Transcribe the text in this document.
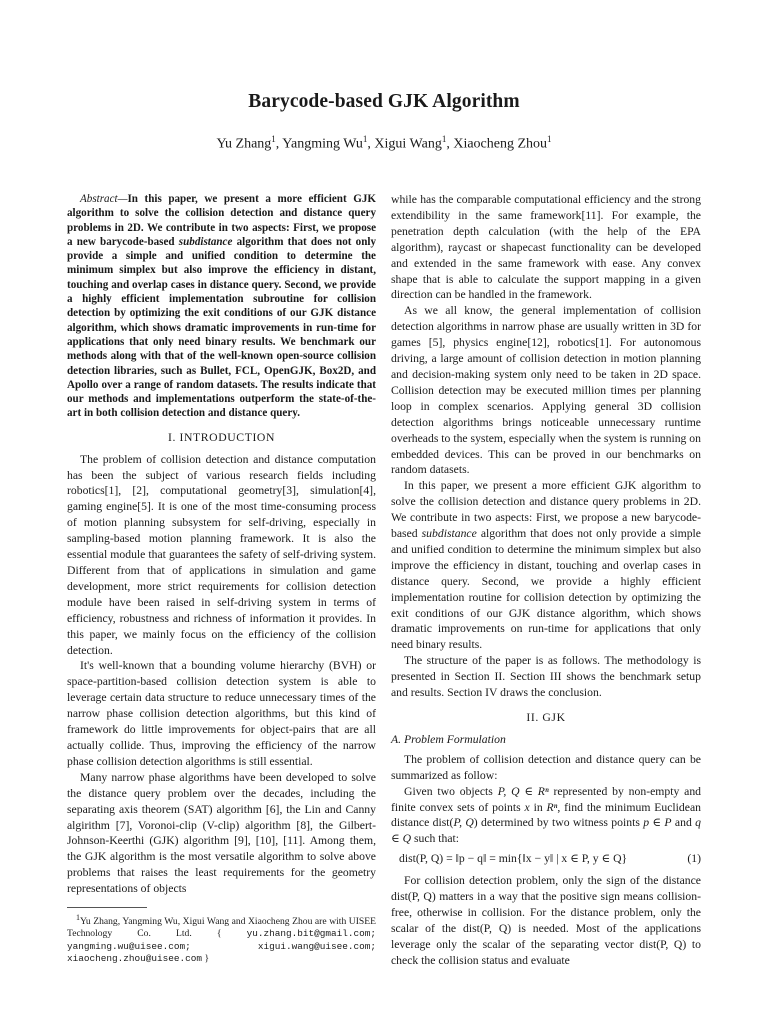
Barycode-based GJK Algorithm
Yu Zhang$^1$, Yangming Wu$^1$, Xigui Wang$^1$, Xiaocheng Zhou$^1$

Abstract—In this paper, we present a more efficient GJK algorithm to solve the collision detection and distance query problems in 2D. We contribute in two aspects: First, we propose a new barycode-based subdistance algorithm that does not only provide a simple and unified condition to determine the minimum simplex but also improve the efficiency in distant, touching and overlap cases in distance query. Second, we provide a highly efficient implementation subroutine for collision detection by optimizing the exit conditions of our GJK distance algorithm, which shows dramatic improvements in run-time for applications that only need binary results. We benchmark our methods along with that of the well-known open-source collision detection libraries, such as Bullet, FCL, OpenGJK, Box2D, and Apollo over a range of random datasets. The results indicate that our methods and implementations outperform the state-of-the-art in both collision detection and distance query.

I. INTRODUCTION

The problem of collision detection and distance computation has been the subject of various research fields including robotics[1], [2], computational geometry[3], simulation[4], gaming engine[5]. It is one of the most time-consuming process of motion planning subsystem for self-driving, especially in sampling-based motion planning framework. It is also the essential module that guarantees the safety of self-driving system. Different from that of applications in simulation and game development, more strict requirements for collision detection module have been raised in self-driving system in terms of efficiency, robustness and richness of information it provides. In this paper, we mainly focus on the efficiency of the collision detection.

It's well-known that a bounding volume hierarchy (BVH) or space-partition-based collision detection system is able to leverage certain data structure to reduce unnecessary times of the narrow phase collision detection algorithms, but this kind of framework do little improvements for object-pairs that are all actually collide. Thus, improving the efficiency of the narrow phase collision detection algorithms is still essential.

Many narrow phase algorithms have been developed to solve the distance query problem over the decades, including the separating axis theorem (SAT) algorithm [6], the Lin and Canny algirithm [7], Voronoi-clip (V-clip) algorithm [8], the Gilbert-Johnson-Keerthi (GJK) algorithm [9], [10], [11]. Among them, the GJK algorithm is the most versatile algorithm to solve above problems that raises the least requirements for the geometry representations of objects

$^1$Yu Zhang, Yangming Wu, Xigui Wang and Xiaocheng Zhou are with UISEE Technology Co. Ltd. {	yu.zhang.bit@gmail.com; yangming.wu@uisee.com;	xigui.wang@uisee.com; xiaocheng.zhou@uisee.com }

while has the comparable computational efficiency and the strong extendibility in the same framework[11]. For example, the penetration depth calculation (with the help of the EPA algorithm), raycast or shapecast functionality can be developed and extended in the same framework with ease. Any convex shape that is able to calculate the support mapping in a given direction can be handled in the framework.

As we all know, the general implementation of collision detection algorithms in narrow phase are usually written in 3D for games [5], physics engine[12], robotics[1]. For autonomous driving, a large amount of collision detection in motion planning and decision-making system only need to be taken in 2D space. Collision detection may be executed million times per planning loop in complex scenarios. Applying general 3D collision detection algorithms brings noticeable unnecessary runtime overheads to the system, especially when the system is running on embedded devices. This can be proved in our benchmarks on random datasets.

In this paper, we present a more efficient GJK algorithm to solve the collision detection and distance query problems in 2D. We contribute in two aspects: First, we propose a new barycode-based subdistance algorithm that does not only provide a simple and unified condition to determine the minimum simplex but also improve the efficiency in distant, touching and overlap cases in distance query. Second, we provide a highly efficient implementation routine for collision detection by optimizing the exit conditions of our GJK distance algorithm, which shows dramatic improvements on run-time for applications that only need binary results.

The structure of the paper is as follows. The methodology is presented in Section II. Section III shows the benchmark setup and results. Section IV draws the conclusion.

II. GJK
A. Problem Formulation

The problem of collision detection and distance query can be summarized as follow:

Given two objects P, Q ∈ Rⁿ represented by non-empty and finite convex sets of points x in Rⁿ, find the minimum Euclidean distance dist(P, Q) determined by two witness points p ∈ P and q ∈ Q such that:

dist(P, Q) = ‖p − q‖ = min{‖x − y‖ | x ∈ P, y ∈ Q}	(1)

For collision detection problem, only the sign of the distance dist(P, Q) matters in a way that the positive sign means collision-free, otherwise in collision. For the distance problem, only the scalar of the dist(P, Q) is needed. Most of the applications leverage only the scalar of the separating vector dist(P, Q) to check the collision status and evaluate
